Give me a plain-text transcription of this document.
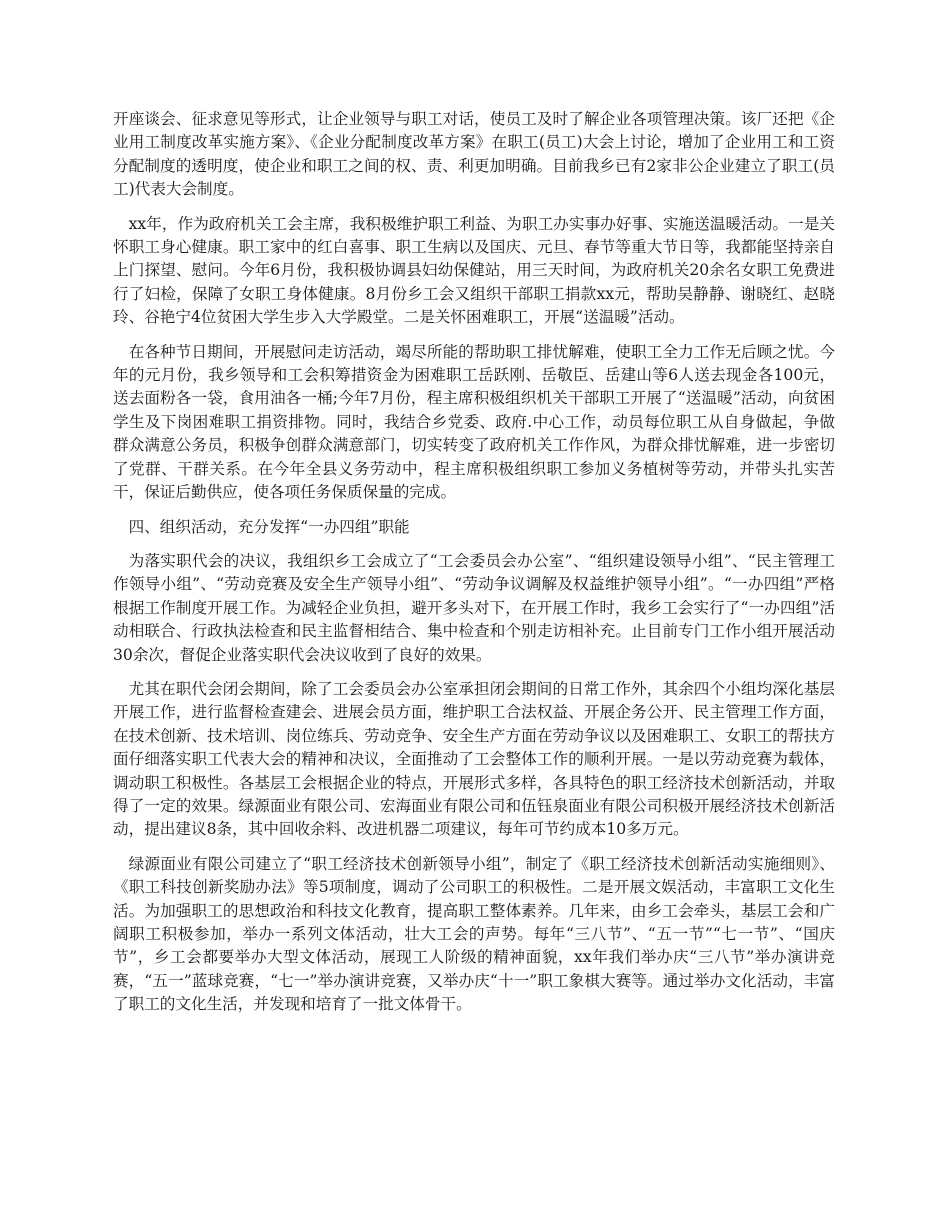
开座谈会、征求意见等形式，让企业领导与职工对话，使员工及时了解企业各项管理决策。该厂还把《企业用工制度改革实施方案》、《企业分配制度改革方案》在职工(员工)大会上讨论，增加了企业用工和工资分配制度的透明度，使企业和职工之间的权、责、利更加明确。目前我乡已有2家非公企业建立了职工(员工)代表大会制度。

xx年，作为政府机关工会主席，我积极维护职工利益、为职工办实事办好事、实施送温暖活动。一是关怀职工身心健康。职工家中的红白喜事、职工生病以及国庆、元旦、春节等重大节日等，我都能坚持亲自上门探望、慰问。今年6月份，我积极协调县妇幼保健站，用三天时间，为政府机关20余名女职工免费进行了妇检，保障了女职工身体健康。8月份乡工会又组织干部职工捐款xx元，帮助吴静静、谢晓红、赵晓玲、谷艳宁4位贫困大学生步入大学殿堂。二是关怀困难职工，开展“送温暖”活动。

在各种节日期间，开展慰问走访活动，竭尽所能的帮助职工排忧解难，使职工全力工作无后顾之忧。今年的元月份，我乡领导和工会积筹措资金为困难职工岳跃刚、岳敬臣、岳建山等6人送去现金各100元，送去面粉各一袋，食用油各一桶;今年7月份，程主席积极组织机关干部职工开展了“送温暖”活动，向贫困学生及下岗困难职工捐资排物。同时，我结合乡党委、政府.中心工作，动员每位职工从自身做起，争做群众满意公务员，积极争创群众满意部门，切实转变了政府机关工作作风，为群众排忧解难，进一步密切了党群、干群关系。在今年全县义务劳动中，程主席积极组织职工参加义务植树等劳动，并带头扎实苦干，保证后勤供应，使各项任务保质保量的完成。

四、组织活动，充分发挥“一办四组”职能

为落实职代会的决议，我组织乡工会成立了“工会委员会办公室”、“组织建设领导小组”、“民主管理工作领导小组”、“劳动竞赛及安全生产领导小组”、“劳动争议调解及权益维护领导小组”。“一办四组”严格根据工作制度开展工作。为减轻企业负担，避开多头对下，在开展工作时，我乡工会实行了“一办四组”活动相联合、行政执法检查和民主监督相结合、集中检查和个别走访相补充。止目前专门工作小组开展活动30余次，督促企业落实职代会决议收到了良好的效果。

尤其在职代会闭会期间，除了工会委员会办公室承担闭会期间的日常工作外，其余四个小组均深化基层开展工作，进行监督检查建会、进展会员方面，维护职工合法权益、开展企务公开、民主管理工作方面，在技术创新、技术培训、岗位练兵、劳动竞争、安全生产方面在劳动争议以及困难职工、女职工的帮扶方面仔细落实职工代表大会的精神和决议，全面推动了工会整体工作的顺利开展。一是以劳动竞赛为载体，调动职工积极性。各基层工会根据企业的特点，开展形式多样，各具特色的职工经济技术创新活动，并取得了一定的效果。绿源面业有限公司、宏海面业有限公司和伍钰泉面业有限公司积极开展经济技术创新活动，提出建议8条，其中回收余料、改进机器二项建议，每年可节约成本10多万元。

绿源面业有限公司建立了“职工经济技术创新领导小组”，制定了《职工经济技术创新活动实施细则》、《职工科技创新奖励办法》等5项制度，调动了公司职工的积极性。二是开展文娱活动，丰富职工文化生活。为加强职工的思想政治和科技文化教育，提高职工整体素养。几年来，由乡工会牵头，基层工会和广阔职工积极参加，举办一系列文体活动，壮大工会的声势。每年“三八节”、“五一节”“七一节”、“国庆节”，乡工会都要举办大型文体活动，展现工人阶级的精神面貌，xx年我们举办庆“三八节”举办演讲竞赛，“五一”蓝球竞赛，“七一”举办演讲竞赛，又举办庆“十一”职工象棋大赛等。通过举办文化活动，丰富了职工的文化生活，并发现和培育了一批文体骨干。
